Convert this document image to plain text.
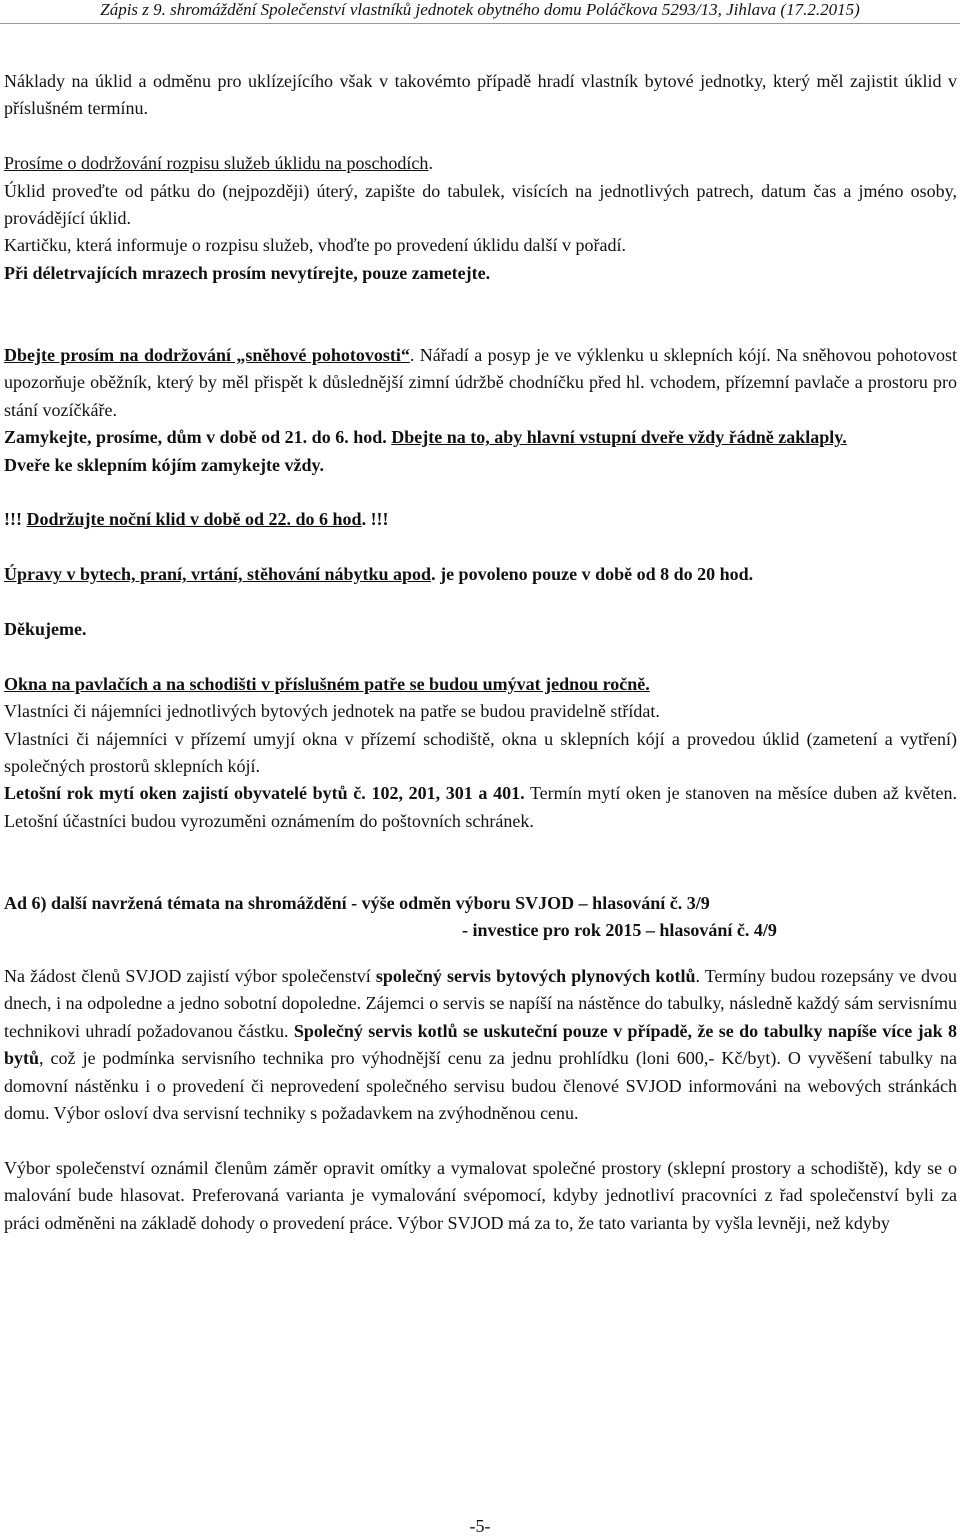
Zápis z 9. shromáždění Společenství vlastníků jednotek obytného domu Poláčkova 5293/13, Jihlava (17.2.2015)

Náklady na úklid a odměnu pro uklízejícího však v takovémto případě hradí vlastník bytové jednotky, který měl zajistit úklid v příslušném termínu.

Prosíme o dodržování rozpisu služeb úklidu na poschodích.
Úklid proveďte od pátku do (nejpozději) úterý, zapište do tabulek, visících na jednotlivých patrech, datum čas a jméno osoby, provádějící úklid.

Kartičku, která informuje o rozpisu služeb, vhoďte po provedení úklidu další v pořadí.

Při déletrvajících mrazech prosím nevytírejte, pouze zametejte.

Dbejte prosím na dodržování „sněhové pohotovosti“. Nářadí a posyp je ve výklenku u sklepních kójí. Na sněhovou pohotovost upozorňuje oběžník, který by měl přispět k důslednější zimní údržbě chodníčku před hl. vchodem, přízemní pavlače a prostoru pro stání vozíčkáře.

Zamykejte, prosíme, dům v době od 21. do 6. hod. Dbejte na to, aby hlavní vstupní dveře vždy řádně zaklaply.

Dveře ke sklepním kójím zamykejte vždy.

!!! Dodržujte noční klid v době od 22. do 6 hod. !!!

Úpravy v bytech, praní, vrtání, stěhování nábytku apod. je povoleno pouze v době od 8 do 20 hod.

Děkujeme.

Okna na pavlačích a na schodišti v příslušném patře se budou umývat jednou ročně.

Vlastníci či nájemníci jednotlivých bytových jednotek na patře se budou pravidelně střídat.

Vlastníci či nájemníci v přízemí umyjí okna v přízemí schodiště, okna u sklepních kójí a provedou úklid (zametení a vytření) společných prostorů sklepních kójí.

Letošní rok mytí oken zajistí obyvatelé bytů č. 102, 201, 301 a 401. Termín mytí oken je stanoven na měsíce duben až květen. Letošní účastníci budou vyrozuměni oznámením do poštovních schránek.

Ad 6) další navržená témata na shromáždění - výše odměn výboru SVJOD – hlasování č. 3/9

- investice pro rok 2015 – hlasování č. 4/9

Na žádost členů SVJOD zajistí výbor společenství společný servis bytových plynových kotlů. Termíny budou rozepsány ve dvou dnech, i na odpoledne a jedno sobotní dopoledne. Zájemci o servis se napíší na nástěnce do tabulky, následně každý sám servisnímu technikovi uhradí požadovanou částku. Společný servis kotlů se uskuteční pouze v případě, že se do tabulky napíše více jak 8 bytů, což je podmínka servisního technika pro výhodnější cenu za jednu prohlídku (loni 600,- Kč/byt). O vyvěšení tabulky na domovní nástěnku i o provedení či neprovedení společného servisu budou členové SVJOD informováni na webových stránkách domu. Výbor osloví dva servisní techniky s požadavkem na zvýhodněnou cenu.

Výbor společenství oznámil členům záměr opravit omítky a vymalovat společné prostory (sklepní prostory a schodiště), kdy se o malování bude hlasovat. Preferovaná varianta je vymalování svépomocí, kdyby jednotliví pracovníci z řad společenství byli za práci odměněni na základě dohody o provedení práce. Výbor SVJOD má za to, že tato varianta by vyšla levněji, než kdyby

-5-
